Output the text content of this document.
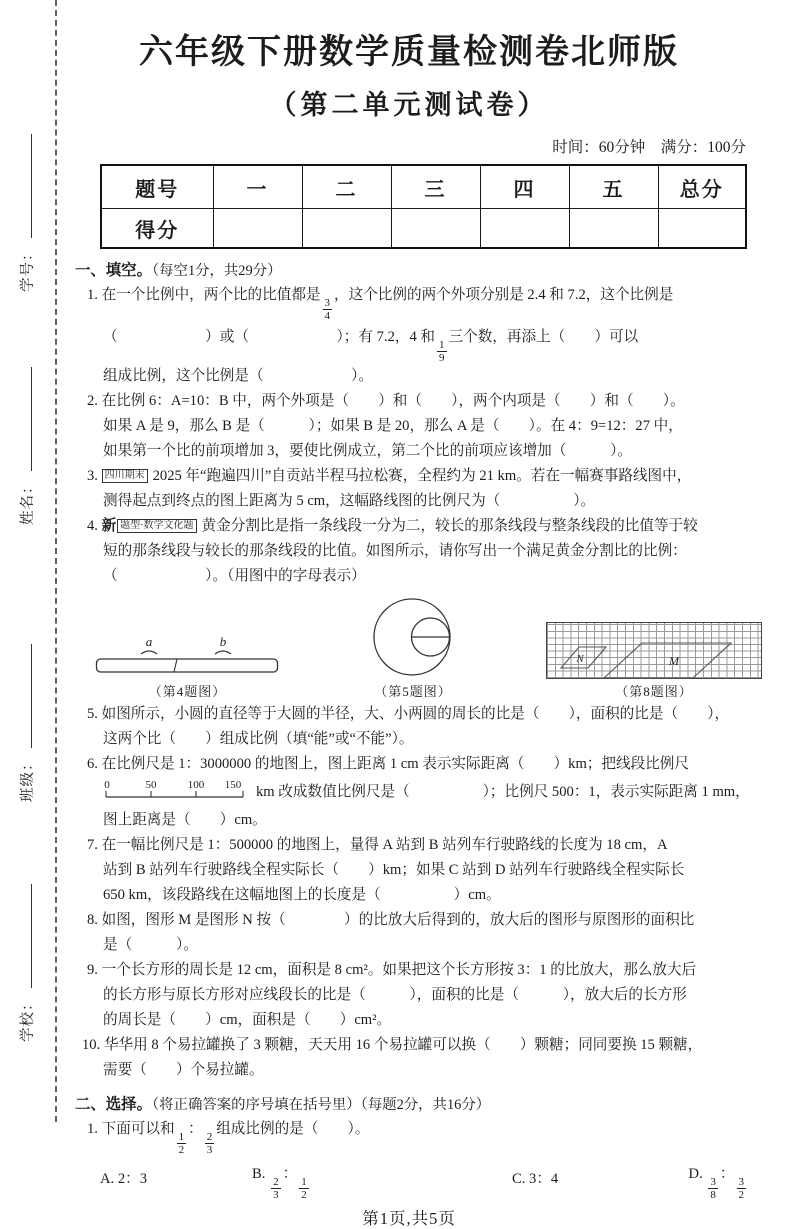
学号：
姓名：
班级：
学校：
六年级下册数学质量检测卷北师版
（第二单元测试卷）
时间：60分钟　满分：100分
题号	一	二	三	四	五	总分
得分						
一、填空。（每空1分，共29分）
1. 在一个比例中，两个比的比值都是
$\frac{3}{4}$
，这个比例的两个外项分别是 2.4 和 7.2，这个比例是
（　　　　　　）或（　　　　　　）；有 7.2，4 和
$\frac{1}{9}$
三个数，再添上（　　）可以
组成比例，这个比例是（　　　　　　）。
2. 在比例 6：A=10：B 中，两个外项是（　　）和（　　），两个内项是（　　）和（　　）。
如果 A 是 9，那么 B 是（　　　）；如果 B 是 20，那么 A 是（　　）。在 4：9=12：27 中，
如果第一个比的前项增加 3，要使比例成立，第二个比的前项应该增加（　　　）。
3. 四川期末 2025 年“跑遍四川”自贡站半程马拉松赛，全程约为 21 km。若在一幅赛事路线图中，
测得起点到终点的图上距离为 5 cm，这幅路线图的比例尺为（　　　　　）。
4. 新 题型·数学文化题 黄金分割比是指一条线段一分为二，较长的那条线段与整条线段的比值等于较
短的那条线段与较长的那条线段的比值。如图所示，请你写出一个满足黄金分割比的比例：
（　　　　　　）。（用图中的字母表示）
a	b
（第4题图）	（第5题图）
N	M
（第8题图）
5. 如图所示，小圆的直径等于大圆的半径，大、小两圆的周长的比是（　　），面积的比是（　　），
这两个比（　　）组成比例（填“能”或“不能”）。
6. 在比例尺是 1：3000000 的地图上，图上距离 1 cm 表示实际距离（　　）km；把线段比例尺
0	50	100 150 km 改成数值比例尺是（　　　　　）；比例尺 500：1，表示实际距离 1 mm，
图上距离是（　　）cm。
7. 在一幅比例尺是 1：500000 的地图上，量得 A 站到 B 站列车行驶路线的长度为 18 cm，A
站到 B 站列车行驶路线全程实际长（　　）km；如果 C 站到 D 站列车行驶路线全程实际长
650 km，该段路线在这幅地图上的长度是（　　　　　）cm。
8. 如图，图形 M 是图形 N 按（　　　　）的比放大后得到的，放大后的图形与原图形的面积比
是（　　　）。
9. 一个长方形的周长是 12 cm，面积是 8 cm²。如果把这个长方形按 3：1 的比放大，那么放大后
的长方形与原长方形对应线段长的比是（　　　），面积的比是（　　　），放大后的长方形
的周长是（　　）cm，面积是（　　）cm²。
10. 华华用 8 个易拉罐换了 3 颗糖，天天用 16 个易拉罐可以换（　　）颗糖；同同要换 15 颗糖，
需要（　　）个易拉罐。
二、选择。（将正确答案的序号填在括号里）（每题2分，共16分）
1. 下面可以和
$\frac{1}{2}$
：
$\frac{2}{3}$
组成比例的是（　　）。
A. 2：3	B.
$\frac{2}{3}$
：
$\frac{1}{2}$	C. 3：4	D.
$\frac{3}{8}$
：
$\frac{3}{2}$
第1页,共5页
